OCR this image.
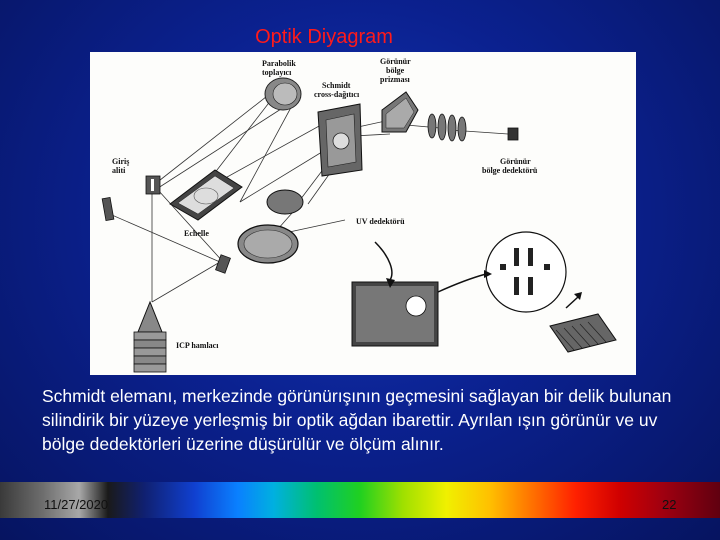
Optik Diyagram
Parabolik
toplayıcı
Schmidt
cross-dağıtıcı
Görünür
bölge
prizması
Giriş
aliti
Görünür
bölge dedektörü
Echelle
UV dedektörü
ICP hamlacı
Schmidt elemanı, merkezinde görünürışının geçmesini sağlayan bir delik bulunan silindirik bir yüzeye yerleşmiş bir optik ağdan ibarettir. Ayrılan ışın görünür ve uv bölge dedektörleri üzerine düşürülür ve ölçüm alınır.
11/27/2020	22
